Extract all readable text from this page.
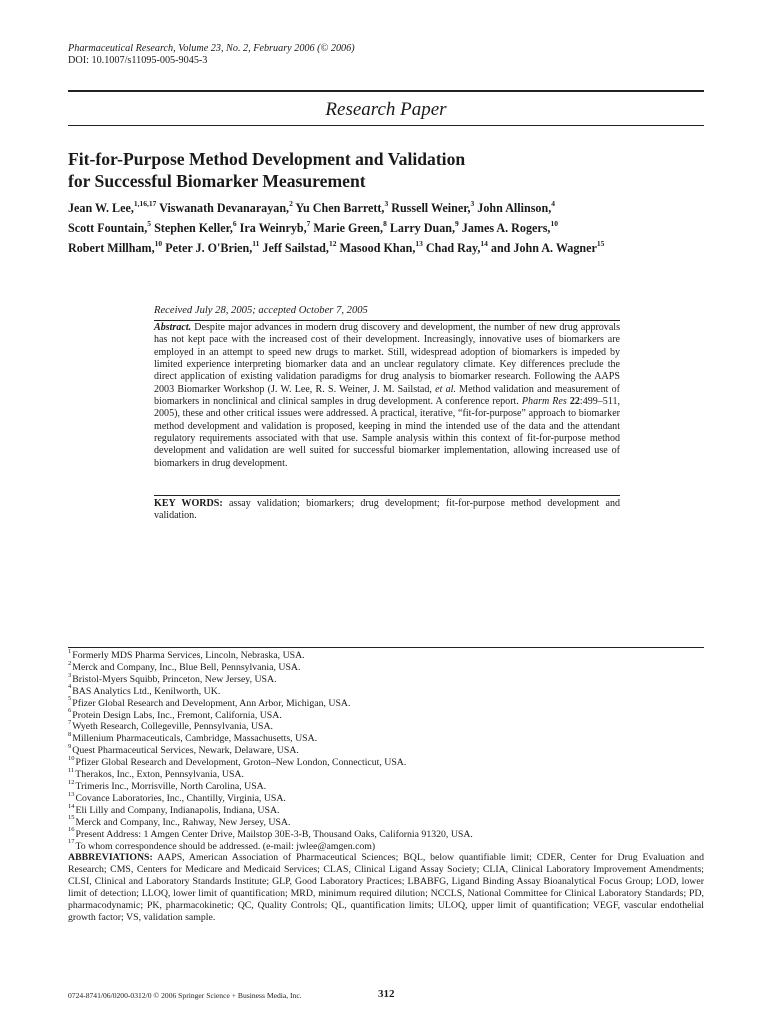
Pharmaceutical Research, Volume 23, No. 2, February 2006 (© 2006)
DOI: 10.1007/s11095-005-9045-3
Research Paper
Fit-for-Purpose Method Development and Validation
for Successful Biomarker Measurement
Jean W. Lee,$^{1,16,17}$ Viswanath Devanarayan,$^2$ Yu Chen Barrett,$^3$ Russell Weiner,$^3$ John Allinson,$^4$
Scott Fountain,$^5$ Stephen Keller,$^6$ Ira Weinryb,$^7$ Marie Green,$^8$ Larry Duan,$^9$ James A. Rogers,$^{10}$
Robert Millham,$^{10}$ Peter J. O'Brien,$^{11}$ Jeff Sailstad,$^{12}$ Masood Khan,$^{13}$ Chad Ray,$^{14}$ and John A. Wagner$^{15}$
Received July 28, 2005; accepted October 7, 2005
Abstract. Despite major advances in modern drug discovery and development, the number of new drug approvals has not kept pace with the increased cost of their development. Increasingly, innovative uses of biomarkers are employed in an attempt to speed new drugs to market. Still, widespread adoption of biomarkers is impeded by limited experience interpreting biomarker data and an unclear regulatory climate. Key differences preclude the direct application of existing validation paradigms for drug analysis to biomarker research. Following the AAPS 2003 Biomarker Workshop (J. W. Lee, R. S. Weiner, J. M. Sailstad, et al. Method validation and measurement of biomarkers in nonclinical and clinical samples in drug development. A conference report. Pharm Res 22:499–511, 2005), these and other critical issues were addressed. A practical, iterative, “fit-for-purpose” approach to biomarker method development and validation is proposed, keeping in mind the intended use of the data and the attendant regulatory requirements associated with that use. Sample analysis within this context of fit-for-purpose method development and validation are well suited for successful biomarker implementation, allowing increased use of biomarkers in drug development.
KEY WORDS: assay validation; biomarkers; drug development; fit-for-purpose method development and validation.
$^1$Formerly MDS Pharma Services, Lincoln, Nebraska, USA.
$^2$Merck and Company, Inc., Blue Bell, Pennsylvania, USA.
$^3$Bristol-Myers Squibb, Princeton, New Jersey, USA.
$^4$BAS Analytics Ltd., Kenilworth, UK.
$^5$Pfizer Global Research and Development, Ann Arbor, Michigan, USA.
$^6$Protein Design Labs, Inc., Fremont, California, USA.
$^7$Wyeth Research, Collegeville, Pennsylvania, USA.
$^8$Millenium Pharmaceuticals, Cambridge, Massachusetts, USA.
$^9$Quest Pharmaceutical Services, Newark, Delaware, USA.
$^{10}$Pfizer Global Research and Development, Groton–New London, Connecticut, USA.
$^{11}$Therakos, Inc., Exton, Pennsylvania, USA.
$^{12}$Trimeris Inc., Morrisville, North Carolina, USA.
$^{13}$Covance Laboratories, Inc., Chantilly, Virginia, USA.
$^{14}$Eli Lilly and Company, Indianapolis, Indiana, USA.
$^{15}$Merck and Company, Inc., Rahway, New Jersey, USA.
$^{16}$Present Address: 1 Amgen Center Drive, Mailstop 30E-3-B, Thousand Oaks, California 91320, USA.
$^{17}$To whom correspondence should be addressed. (e-mail: jwlee@amgen.com)
ABBREVIATIONS: AAPS, American Association of Pharmaceutical Sciences; BQL, below quantifiable limit; CDER, Center for Drug Evaluation and Research; CMS, Centers for Medicare and Medicaid Services; CLAS, Clinical Ligand Assay Society; CLIA, Clinical Laboratory Improvement Amendments; CLSI, Clinical and Laboratory Standards Institute; GLP, Good Laboratory Practices; LBABFG, Ligand Binding Assay Bioanalytical Focus Group; LOD, lower limit of detection; LLOQ, lower limit of quantification; MRD, minimum required dilution; NCCLS, National Committee for Clinical Laboratory Standards; PD, pharmacodynamic; PK, pharmacokinetic; QC, Quality Controls; QL, quantification limits; ULOQ, upper limit of quantification; VEGF, vascular endothelial growth factor; VS, validation sample.
0724-8741/06/0200-0312/0 © 2006 Springer Science + Business Media, Inc.	312
